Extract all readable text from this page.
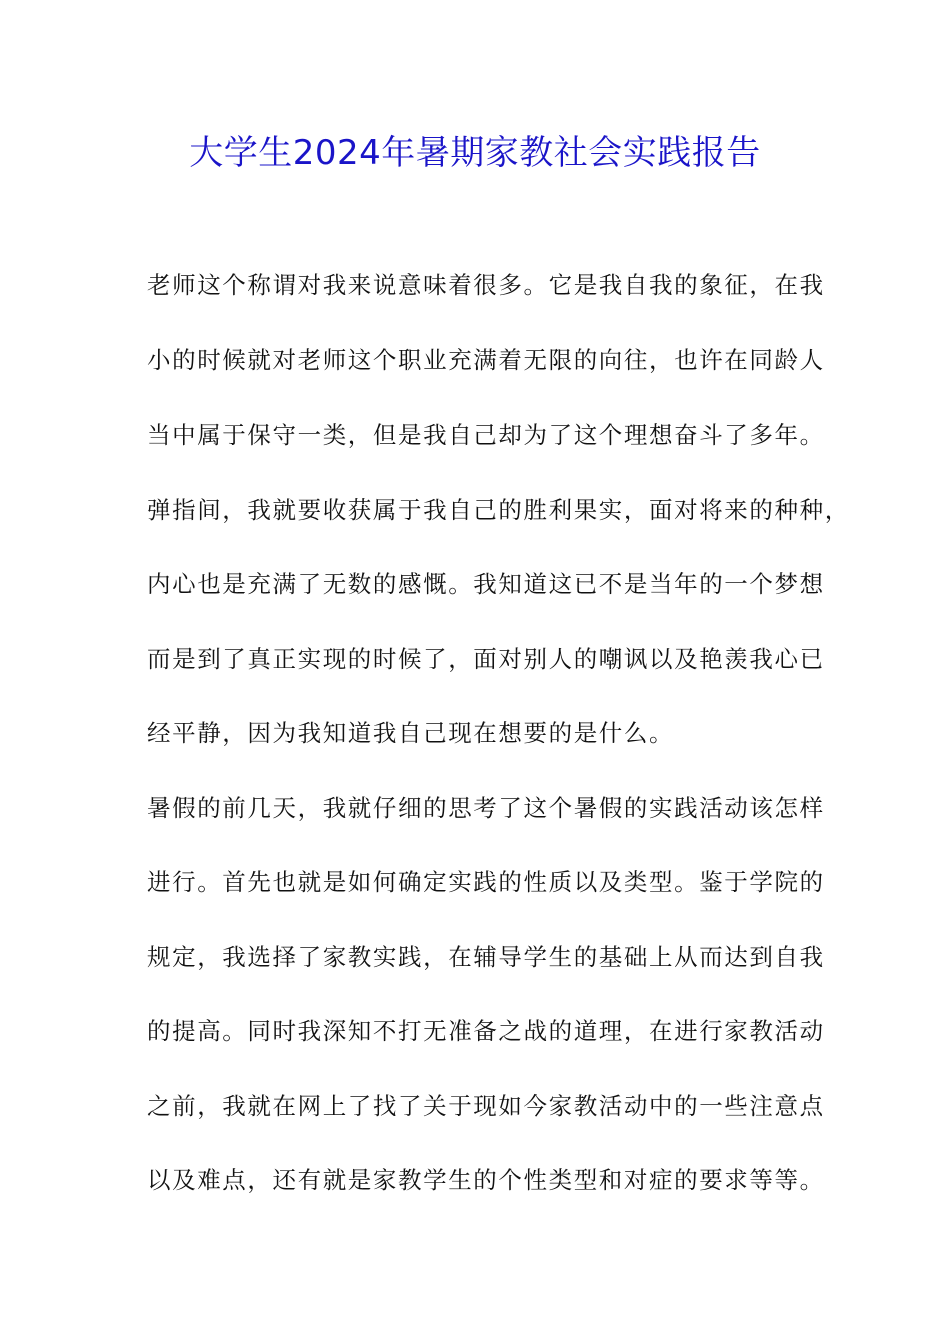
大学生2024年暑期家教社会实践报告
老师这个称谓对我来说意味着很多。它是我自我的象征，在我
小的时候就对老师这个职业充满着无限的向往，也许在同龄人
当中属于保守一类，但是我自己却为了这个理想奋斗了多年。
弹指间，我就要收获属于我自己的胜利果实，面对将来的种种，
内心也是充满了无数的感慨。我知道这已不是当年的一个梦想
而是到了真正实现的时候了，面对别人的嘲讽以及艳羡我心已
经平静，因为我知道我自己现在想要的是什么。
暑假的前几天，我就仔细的思考了这个暑假的实践活动该怎样
进行。首先也就是如何确定实践的性质以及类型。鉴于学院的
规定，我选择了家教实践，在辅导学生的基础上从而达到自我
的提高。同时我深知不打无准备之战的道理，在进行家教活动
之前，我就在网上了找了关于现如今家教活动中的一些注意点
以及难点，还有就是家教学生的个性类型和对症的要求等等。
